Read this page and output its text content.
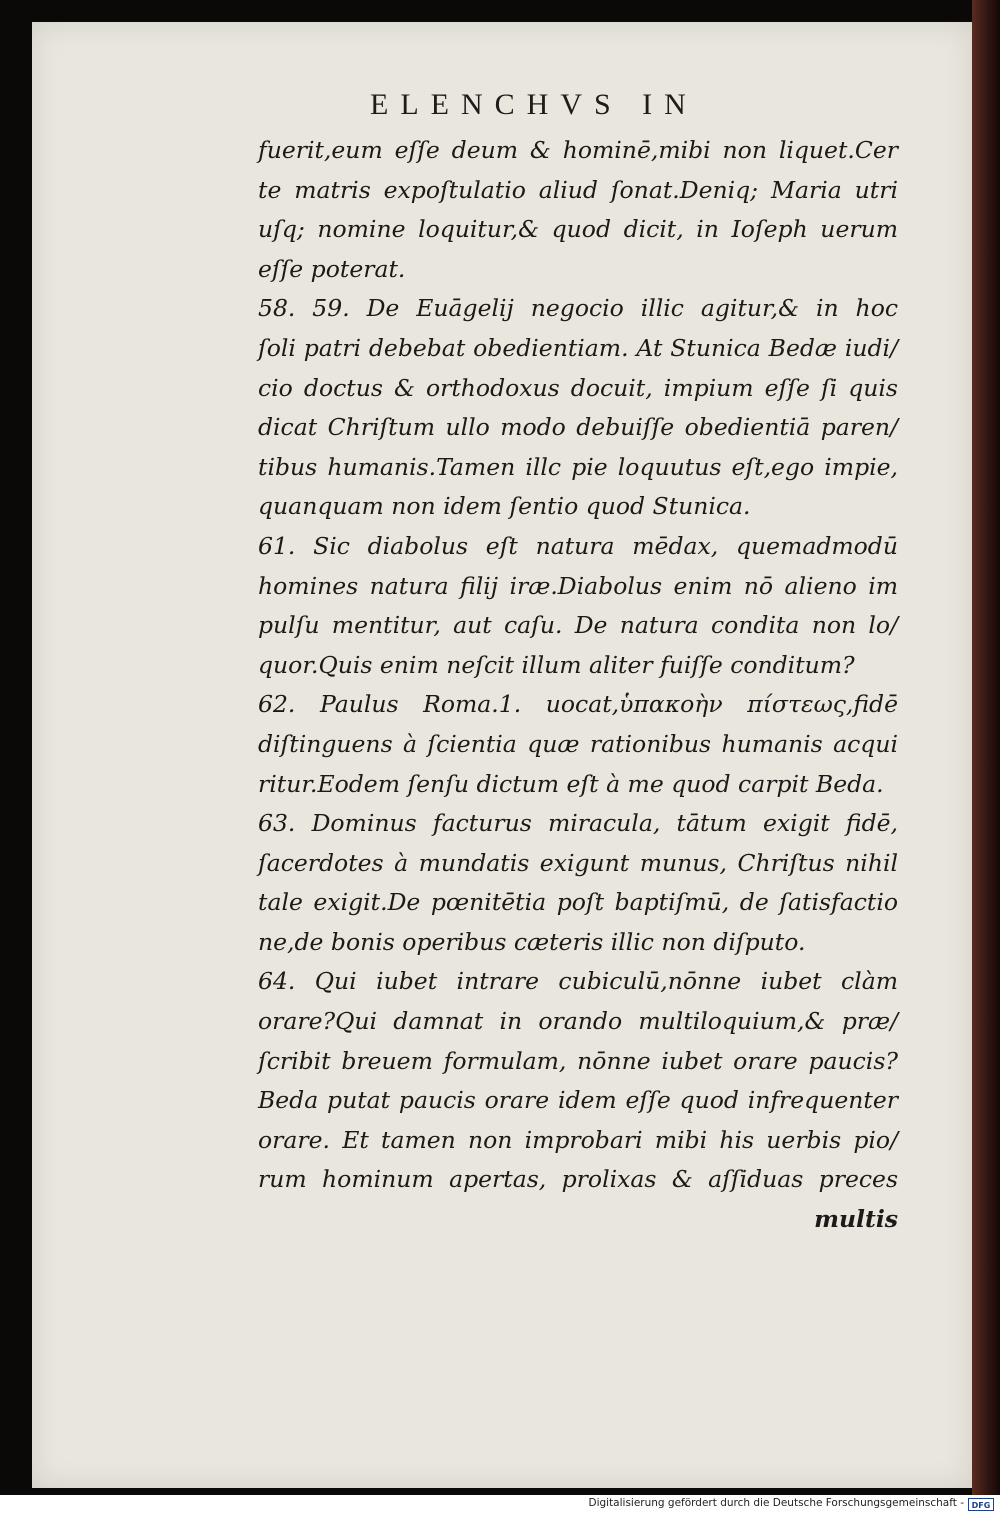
ELENCHVS IN
fuerit,eum eſſe deum & hominē,mibi non liquet.Cer
te matris expoſtulatio aliud ſonat.Deniq; Maria utri
uſq; nomine loquitur,& quod dicit, in Ioſeph uerum
eſſe poterat.
58. 59. De Euāgelij negocio illic agitur,& in hoc
ſoli patri debebat obedientiam. At Stunica Bedæ iudi/
cio doctus & orthodoxus docuit, impium eſſe ſi quis
dicat Chriſtum ullo modo debuiſſe obedientiā paren/
tibus humanis.Tamen illc pie loquutus eſt,ego impie,
quanquam non idem ſentio quod Stunica.
61. Sic diabolus eſt natura mēdax, quemadmodū
homines natura filij iræ.Diabolus enim nō alieno im
pulſu mentitur, aut caſu. De natura condita non lo/
quor.Quis enim neſcit illum aliter fuiſſe conditum?
62. Paulus Roma.1. uocat,ὑπακοὴν πίστεως,fidē
diſtinguens à ſcientia quæ rationibus humanis acqui
ritur.Eodem ſenſu dictum eſt à me quod carpit Beda.
63. Dominus facturus miracula, tātum exigit fidē,
ſacerdotes à mundatis exigunt munus, Chriſtus nihil
tale exigit.De pœnitētia poſt baptiſmū, de ſatisfactio
ne,de bonis operibus cæteris illic non diſputo.
64. Qui iubet intrare cubiculū,nōnne iubet clàm
orare?Qui damnat in orando multiloquium,& præ/
ſcribit breuem formulam, nōnne iubet orare paucis?
Beda putat paucis orare idem eſſe quod infrequenter
orare. Et tamen non improbari mibi his uerbis pio/
rum hominum apertas, prolixas & aſſiduas preces
multis
Digitalisierung gefördert durch die Deutsche Forschungsgemeinschaft - DFG
